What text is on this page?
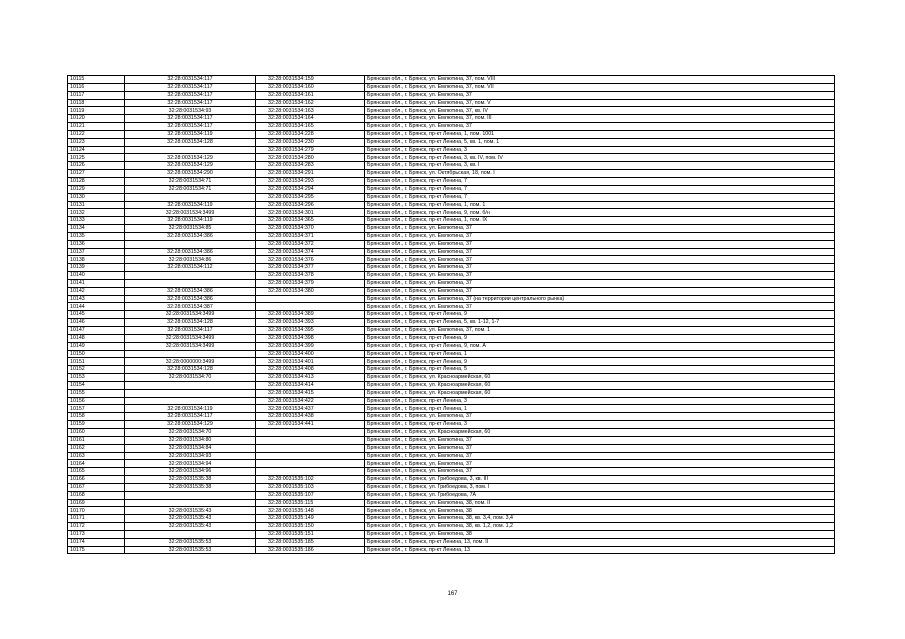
10115	32:28:0031534:117	32:28:0031534:159	Брянская обл., г. Брянск, ул. Емлютина, 37, пом. VIII
10116	32:28:0031534:117	32:28:0031534:160	Брянская обл., г. Брянск, ул. Емлютина, 37, пом. VII
10117	32:28:0031534:117	32:28:0031534:161	Брянская обл., г. Брянск, ул. Емлютина, 37
10118	32:28:0031534:117	32:28:0031534:162	Брянская обл., г. Брянск, ул. Емлютина, 37, пом. V
10119	32:28:0031534:93	32:28:0031534:163	Брянская обл., г. Брянск, ул. Емлютина, 37, кв. IV
10120	32:28:0031534:117	32:28:0031534:164	Брянская обл., г. Брянск, ул. Емлютина, 37, пом. III
10121	32:28:0031534:117	32:28:0031534:165	Брянская обл., г. Брянск, ул. Емлютина, 37
10122	32:28:0031534:119	32:28:0031534:228	Брянская обл., г. Брянск, пр-кт Ленина, 1, пом. 1001
10123	32:28:0031534:128	32:28:0031534:230	Брянская обл., г. Брянск, пр-кт Ленина, 5, кв. 1, пом. 1
10124		32:28:0031534:279	Брянская обл., г. Брянск, пр-кт Ленина, 3
10125	32:28:0031534:129	32:28:0031534:280	Брянская обл., г. Брянск, пр-кт Ленина, 3, кв. IV, пом. IV
10126	32:28:0031534:129	32:28:0031534:283	Брянская обл., г. Брянск, пр-кт Ленина, 3, кв. I
10127	32:28:0031534:290	32:28:0031534:291	Брянская обл., г. Брянск, ул. Октябрьская, 18, пом. I
10128	32:28:0031534:71	32:28:0031534:293	Брянская обл., г. Брянск, пр-кт Ленина, 7
10129	32:28:0031534:71	32:28:0031534:294	Брянская обл., г. Брянск, пр-кт Ленина, 7
10130		32:28:0031534:295	Брянская обл., г. Брянск, пр-кт Ленина, 7
10131	32:28:0031534:119	32:28:0031534:296	Брянская обл., г. Брянск, пр-кт Ленина, 1, пом. 1
10132	32:28:0031534:3499	32:28:0031534:301	Брянская обл., г. Брянск, пр-кт Ленина, 9, пом. б/н
10133	32:28:0031534:119	32:28:0031534:365	Брянская обл., г. Брянск, пр-кт Ленина, 1, пом. IX
10134	32:28:0031534:85	32:28:0031534:370	Брянская обл., г. Брянск, ул. Емлютина, 37
10135	32:28:0031534:386	32:28:0031534:371	Брянская обл., г. Брянск, ул. Емлютина, 37
10136		32:28:0031534:372	Брянская обл., г. Брянск, ул. Емлютина, 37
10137	32:28:0031534:386	32:28:0031534:374	Брянская обл., г. Брянск, ул. Емлютина, 37
10138	32:28:0031534:86	32:28:0031534:376	Брянская обл., г. Брянск, ул. Емлютина, 37
10139	32:28:0031534:112	32:28:0031534:377	Брянская обл., г. Брянск, ул. Емлютина, 37
10140		32:28:0031534:378	Брянская обл., г. Брянск, ул. Емлютина, 37
10141		32:28:0031534:379	Брянская обл., г. Брянск, ул. Емлютина, 37
10142	32:28:0031534:386	32:28:0031534:380	Брянская обл., г. Брянск, ул. Емлютина, 37
10143	32:28:0031534:386		Брянская обл., г. Брянск, ул. Емлютина, 37 (на территории центрального рынка)
10144	32:28:0031534:387		Брянская обл., г. Брянск, ул. Емлютина, 37
10145	32:28:0031534:3499	32:28:0031534:389	Брянская обл., г. Брянск, пр-кт Ленина, 9
10146	32:28:0031534:128	32:28:0031534:393	Брянская обл., г. Брянск, пр-кт Ленина, 5, кв. 1-12, 1-7
10147	32:28:0031534:117	32:28:0031534:395	Брянская обл., г. Брянск, ул. Емлютина, 37, пом. 1
10148	32:28:0031534:3499	32:28:0031534:398	Брянская обл., г. Брянск, пр-кт Ленина, 9
10149	32:28:0031534:3499	32:28:0031534:399	Брянская обл., г. Брянск, пр-кт Ленина, 9, пом. А
10150		32:28:0031534:400	Брянская обл., г. Брянск, пр-кт Ленина, 1
10151	32:28:0000000:3499	32:28:0031534:401	Брянская обл., г. Брянск, пр-кт Ленина, 9
10152	32:28:0031534:128	32:28:0031534:408	Брянская обл., г. Брянск, пр-кт Ленина, 5
10153	32:28:0031534:70	32:28:0031534:413	Брянская обл., г. Брянск, ул. Красноармейская, 60
10154		32:28:0031534:414	Брянская обл., г. Брянск, ул. Красноармейская, 60
10155		32:28:0031534:415	Брянская обл., г. Брянск, ул. Красноармейская, 60
10156		32:28:0031534:422	Брянская обл., г. Брянск, пр-кт Ленина, 3
10157	32:28:0031534:119	32:28:0031534:437	Брянская обл., г. Брянск, пр-кт Ленина, 1
10158	32:28:0031534:117	32:28:0031534:438	Брянская обл., г. Брянск, ул. Емлютина, 37
10159	32:28:0031534:129	32:28:0031534:441	Брянская обл., г. Брянск, пр-кт Ленина, 3
10160	32:28:0031534:70		Брянская обл., г. Брянск, ул. Красноармейская, 60
10161	32:28:0031534:80		Брянская обл., г. Брянск, ул. Емлютина, 37
10162	32:28:0031534:84		Брянская обл., г. Брянск, ул. Емлютина, 37
10163	32:28:0031534:93		Брянская обл., г. Брянск, ул. Емлютина, 37
10164	32:28:0031534:94		Брянская обл., г. Брянск, ул. Емлютина, 37
10165	32:28:0031534:96		Брянская обл., г. Брянск, ул. Емлютина, 37
10166	32:28:0031535:38	32:28:0031535:102	Брянская обл., г. Брянск, ул. Грибоедова, 3, кв. III
10167	32:28:0031535:38	32:28:0031535:103	Брянская обл., г. Брянск, ул. Грибоедова, 3, пом. I
10168		32:28:0031535:107	Брянская обл., г. Брянск, ул. Грибоедова, 7А
10169		32:28:0031535:115	Брянская обл., г. Брянск, ул. Емлютина, 38, пом. II
10170	32:28:0031535:43	32:28:0031535:148	Брянская обл., г. Брянск, ул. Емлютина, 38
10171	32:28:0031535:43	32:28:0031535:149	Брянская обл., г. Брянск, ул. Емлютина, 38, кв. 3,4, пом. 3,4
10172	32:28:0031535:43	32:28:0031535:150	Брянская обл., г. Брянск, ул. Емлютина, 38, кв. 1,2, пом. 1,2
10173		32:28:0031535:151	Брянская обл., г. Брянск, ул. Емлютина, 38
10174	32:28:0031535:53	32:28:0031535:185	Брянская обл., г. Брянск, пр-кт Ленина, 13, пом. II
10175	32:28:0031535:53	32:28:0031535:186	Брянская обл., г. Брянск, пр-кт Ленина, 13
167
